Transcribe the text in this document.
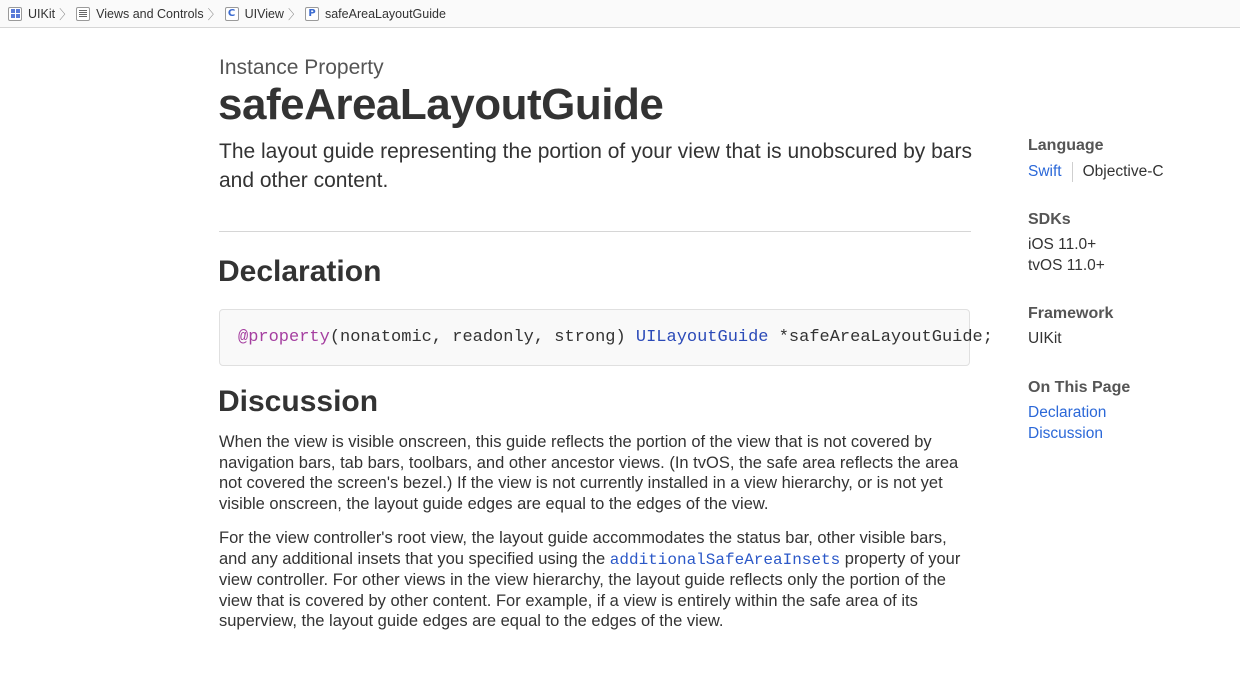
UIKit 〉 Views and Controls 〉 C UIView 〉 P safeAreaLayoutGuide
Instance Property
safeAreaLayoutGuide
The layout guide representing the portion of your view that is unobscured by bars and other content.
Declaration
@property (nonatomic, readonly, strong) UILayoutGuide *safeAreaLayoutGuide;
Discussion

When the view is visible onscreen, this guide reflects the portion of the view that is not covered by navigation bars, tab bars, toolbars, and other ancestor views. (In tvOS, the safe area reflects the area not covered the screen's bezel.) If the view is not currently installed in a view hierarchy, or is not yet visible onscreen, the layout guide edges are equal to the edges of the view.

For the view controller's root view, the layout guide accommodates the status bar, other visible bars, and any additional insets that you specified using the additionalSafeAreaInsets property of your view controller. For other views in the view hierarchy, the layout guide reflects only the portion of the view that is covered by other content. For example, if a view is entirely within the safe area of its superview, the layout guide edges are equal to the edges of the view.

Language
Swift Objective-C
SDKs
iOS 11.0+
tvOS 11.0+
Framework
UIKit
On This Page
Declaration
Discussion
